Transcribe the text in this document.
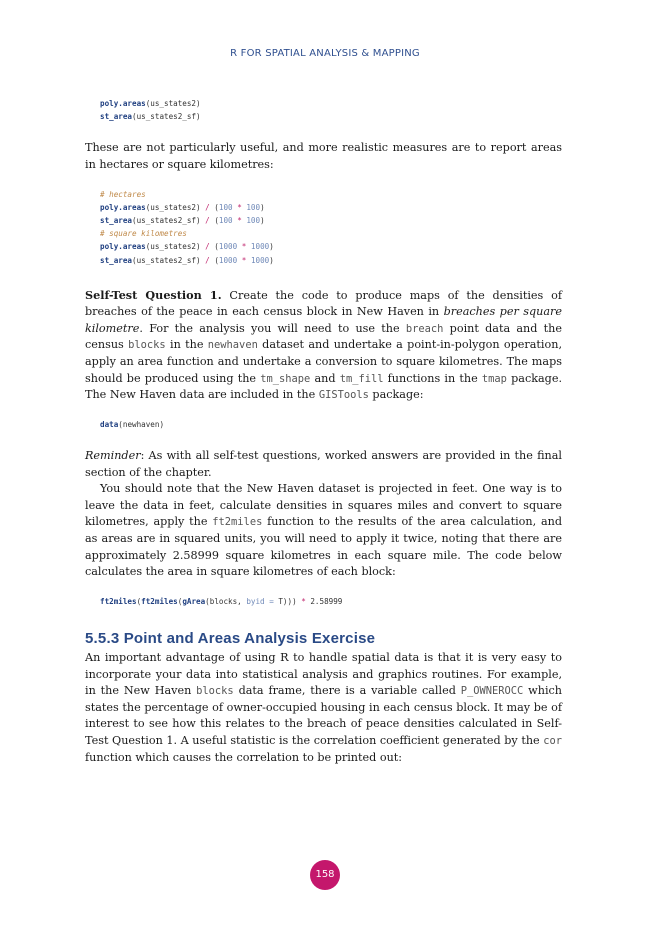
R FOR SPATIAL ANALYSIS & MAPPING
poly.areas(us_states2)
st_area(us_states2_sf)

These are not particularly useful, and more realistic measures are to report areas in hectares or square kilometres:

# hectares
poly.areas(us_states2) / (100 * 100)
st_area(us_states2_sf) / (100 * 100)
# square kilometres
poly.areas(us_states2) / (1000 * 1000)
st_area(us_states2_sf) / (1000 * 1000)

Self-Test Question 1. Create the code to produce maps of the densities of breaches of the peace in each census block in New Haven in breaches per square kilometre. For the analysis you will need to use the breach point data and the census blocks in the newhaven dataset and undertake a point-in-polygon operation, apply an area function and undertake a conversion to square kilometres. The maps should be produced using the tm_shape and tm_fill functions in the tmap package. The New Haven data are included in the GISTools package:

data(newhaven)

Reminder: As with all self-test questions, worked answers are provided in the final section of the chapter.

You should note that the New Haven dataset is projected in feet. One way is to leave the data in feet, calculate densities in squares miles and convert to square kilometres, apply the ft2miles function to the results of the area calculation, and as areas are in squared units, you will need to apply it twice, noting that there are approximately 2.58999 square kilometres in each square mile. The code below calculates the area in square kilometres of each block:

ft2miles(ft2miles(gArea(blocks, byid = T))) * 2.58999
5.5.3 Point and Areas Analysis Exercise

An important advantage of using R to handle spatial data is that it is very easy to incorporate your data into statistical analysis and graphics routines. For example, in the New Haven blocks data frame, there is a variable called P_OWNEROCC which states the percentage of owner-occupied housing in each census block. It may be of interest to see how this relates to the breach of peace densities calculated in Self-Test Question 1. A useful statistic is the correlation coefficient generated by the cor function which causes the correlation to be printed out:

158
